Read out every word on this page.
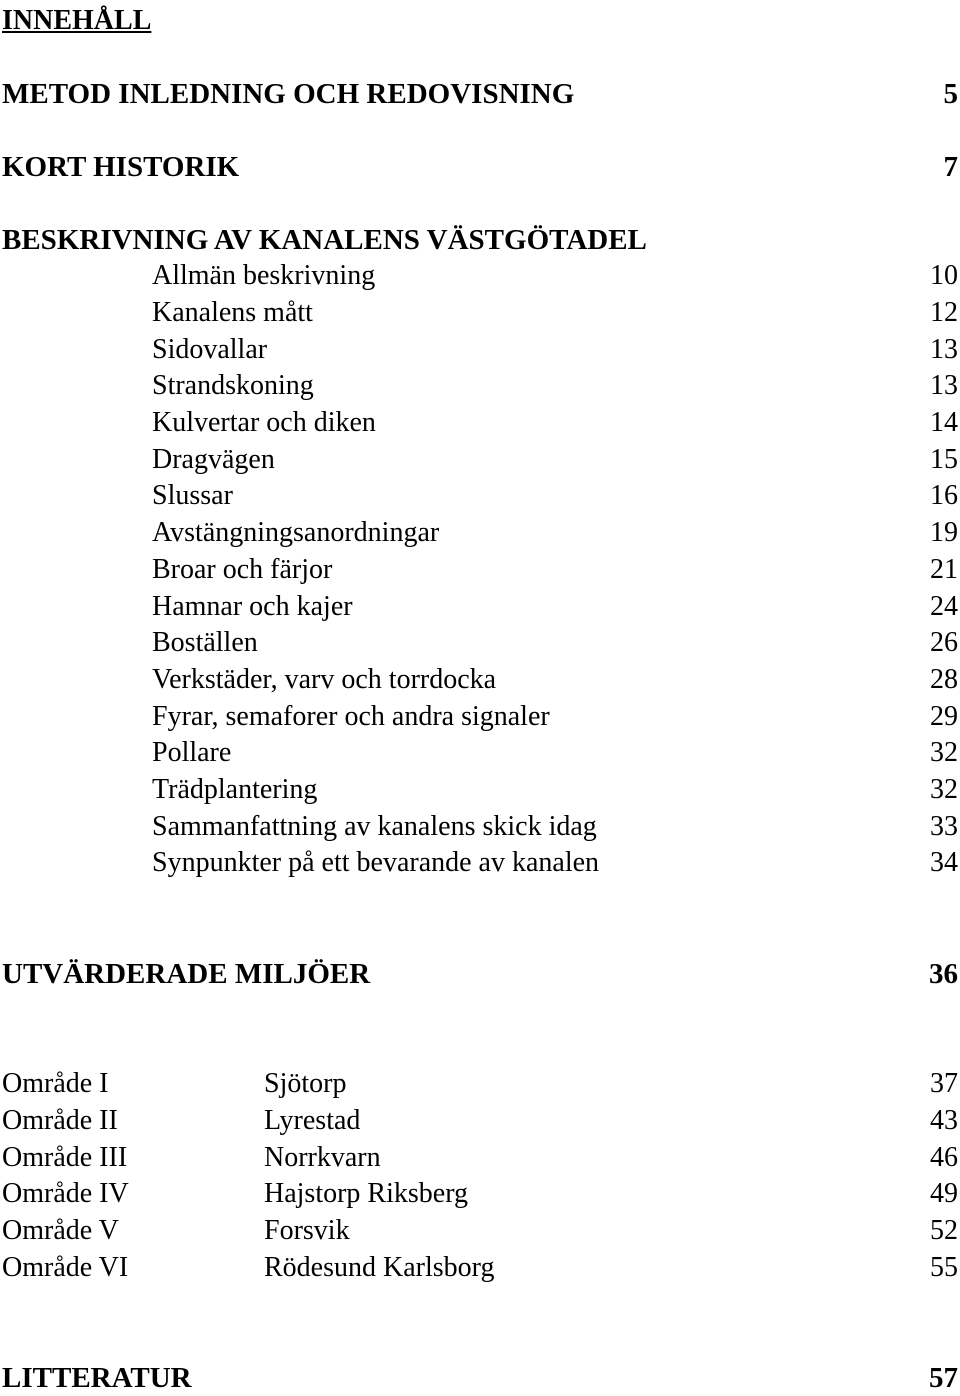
INNEHÅLL
METOD INLEDNING OCH REDOVISNING	5
KORT HISTORIK	7
BESKRIVNING AV KANALENS VÄSTGÖTADEL
Allmän beskrivning	10
Kanalens mått	12
Sidovallar	13
Strandskoning	13
Kulvertar och diken	14
Dragvägen	15
Slussar	16
Avstängningsanordningar	19
Broar och färjor	21
Hamnar och kajer	24
Boställen	26
Verkstäder, varv och torrdocka	28
Fyrar, semaforer och andra signaler	29
Pollare	32
Trädplantering	32
Sammanfattning av kanalens skick idag	33
Synpunkter på ett bevarande av kanalen	34
UTVÄRDERADE MILJÖER	36
Område I	Sjötorp	37
Område II	Lyrestad	43
Område III	Norrkvarn	46
Område IV	Hajstorp Riksberg	49
Område V	Forsvik	52
Område VI	Rödesund Karlsborg	55
LITTERATUR	57
